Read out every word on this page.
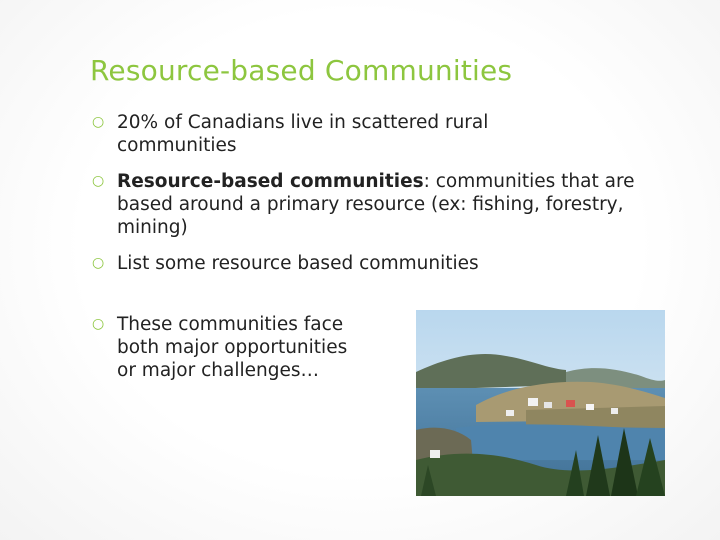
Resource-based Communities
○ 20% of Canadians live in scattered rural communities
○ Resource-based communities: communities that are based around a primary resource (ex: fishing, forestry, mining)
○ List some resource based communities
○ These communities face both major opportunities or major challenges…
